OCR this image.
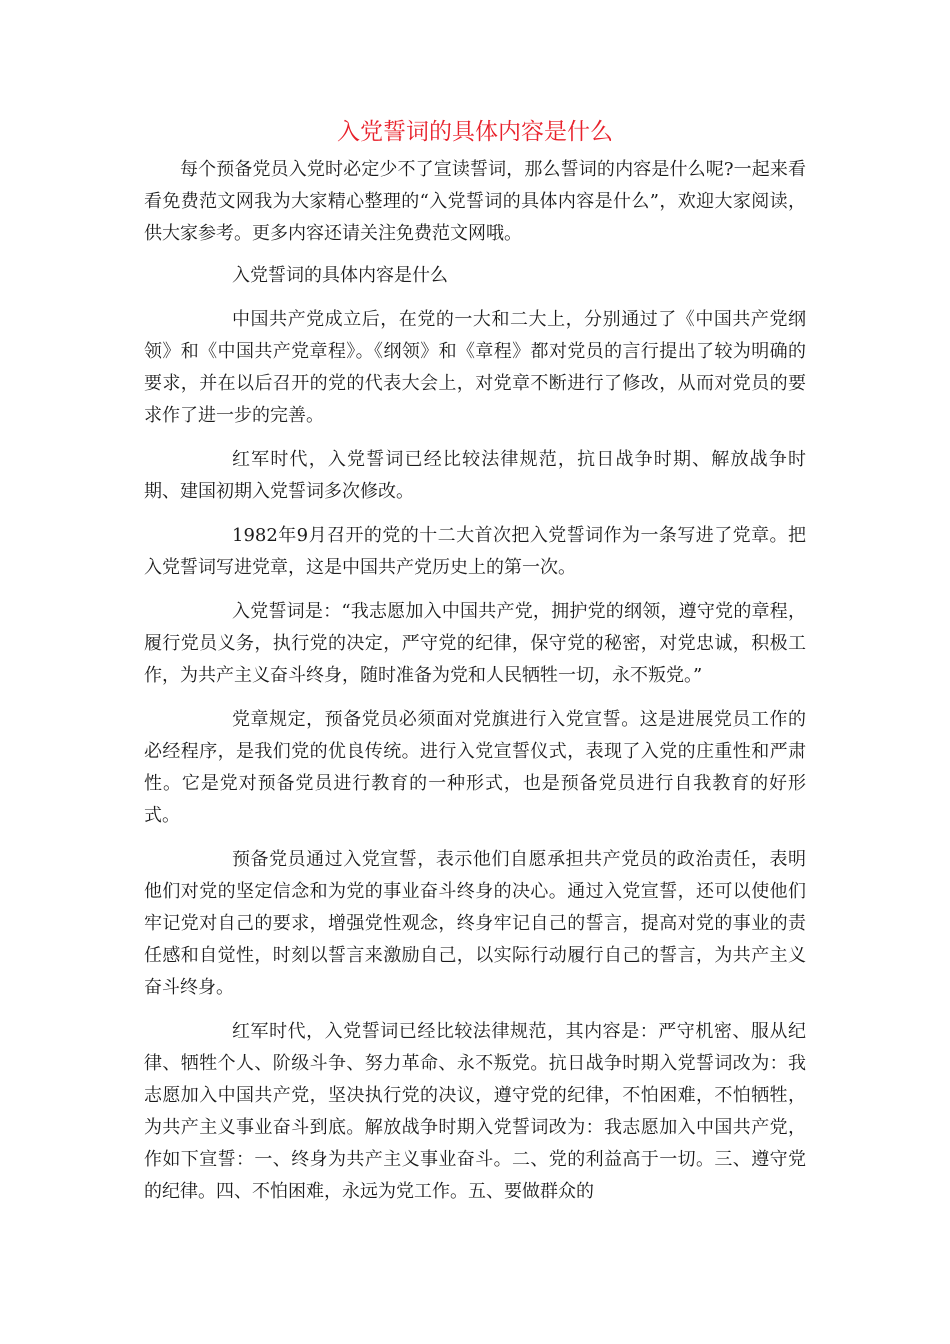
入党誓词的具体内容是什么

每个预备党员入党时必定少不了宣读誓词，那么誓词的内容是什么呢?一起来看看免费范文网我为大家精心整理的“入党誓词的具体内容是什么”，欢迎大家阅读，供大家参考。更多内容还请关注免费范文网哦。

入党誓词的具体内容是什么

中国共产党成立后，在党的一大和二大上，分别通过了《中国共产党纲领》和《中国共产党章程》。《纲领》和《章程》都对党员的言行提出了较为明确的要求，并在以后召开的党的代表大会上，对党章不断进行了修改，从而对党员的要求作了进一步的完善。

红军时代，入党誓词已经比较法律规范，抗日战争时期、解放战争时期、建国初期入党誓词多次修改。

1982年9月召开的党的十二大首次把入党誓词作为一条写进了党章。把入党誓词写进党章，这是中国共产党历史上的第一次。

入党誓词是：“我志愿加入中国共产党，拥护党的纲领，遵守党的章程，履行党员义务，执行党的决定，严守党的纪律，保守党的秘密，对党忠诚，积极工作，为共产主义奋斗终身，随时准备为党和人民牺牲一切，永不叛党。”

党章规定，预备党员必须面对党旗进行入党宣誓。这是进展党员工作的必经程序，是我们党的优良传统。进行入党宣誓仪式，表现了入党的庄重性和严肃性。它是党对预备党员进行教育的一种形式，也是预备党员进行自我教育的好形式。

预备党员通过入党宣誓，表示他们自愿承担共产党员的政治责任，表明他们对党的坚定信念和为党的事业奋斗终身的决心。通过入党宣誓，还可以使他们牢记党对自己的要求，增强党性观念，终身牢记自己的誓言，提高对党的事业的责任感和自觉性，时刻以誓言来激励自己，以实际行动履行自己的誓言，为共产主义奋斗终身。

红军时代，入党誓词已经比较法律规范，其内容是：严守机密、服从纪律、牺牲个人、阶级斗争、努力革命、永不叛党。抗日战争时期入党誓词改为：我志愿加入中国共产党，坚决执行党的决议，遵守党的纪律，不怕困难，不怕牺牲，为共产主义事业奋斗到底。解放战争时期入党誓词改为：我志愿加入中国共产党，作如下宣誓：一、终身为共产主义事业奋斗。二、党的利益高于一切。三、遵守党的纪律。四、不怕困难，永远为党工作。五、要做群众的
